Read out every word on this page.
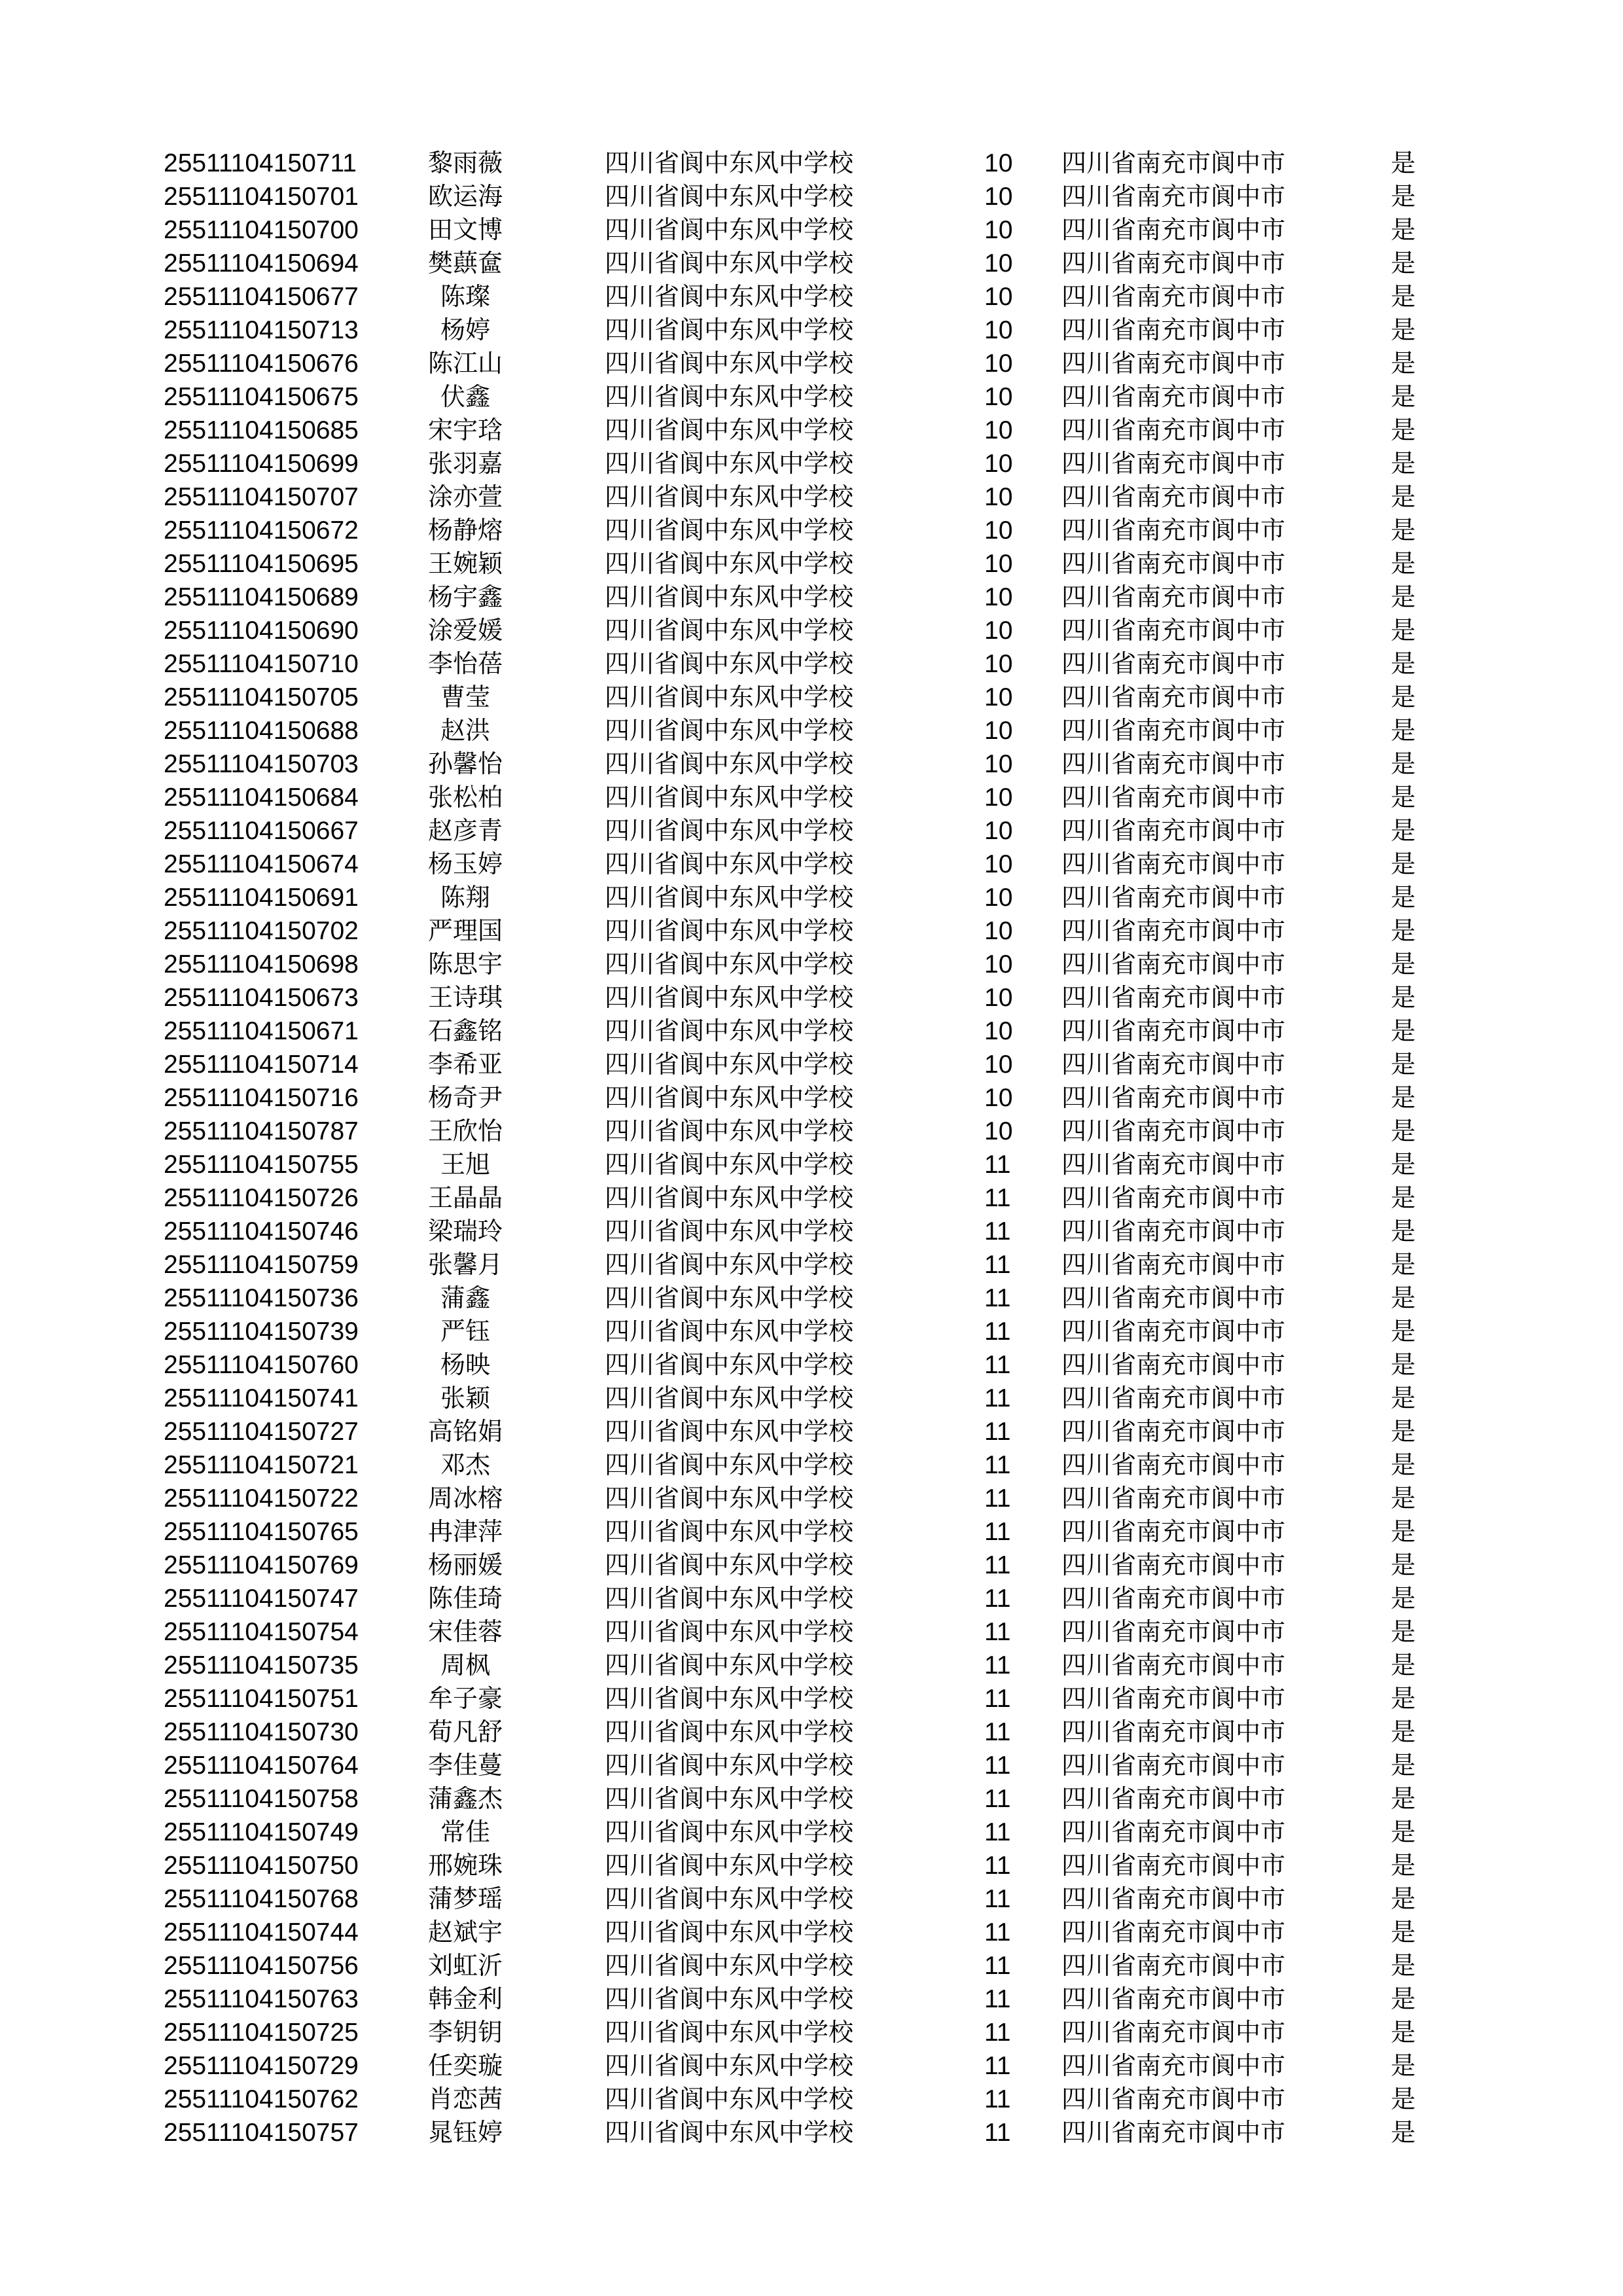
25511104150711	黎雨薇	四川省阆中东风中学校	10 四川省南充市阆中市	是
25511104150701	欧运海	四川省阆中东风中学校	10 四川省南充市阆中市	是
25511104150700	田文博	四川省阆中东风中学校	10 四川省南充市阆中市	是
25511104150694	樊蕻奩	四川省阆中东风中学校	10 四川省南充市阆中市	是
25511104150677	陈璨	四川省阆中东风中学校	10 四川省南充市阆中市	是
25511104150713	杨婷	四川省阆中东风中学校	10 四川省南充市阆中市	是
25511104150676	陈江山	四川省阆中东风中学校	10 四川省南充市阆中市	是
25511104150675	伏鑫	四川省阆中东风中学校	10 四川省南充市阆中市	是
25511104150685	宋宇琀	四川省阆中东风中学校	10 四川省南充市阆中市	是
25511104150699	张羽嘉	四川省阆中东风中学校	10 四川省南充市阆中市	是
25511104150707	涂亦萱	四川省阆中东风中学校	10 四川省南充市阆中市	是
25511104150672	杨静熔	四川省阆中东风中学校	10 四川省南充市阆中市	是
25511104150695	王婉颖	四川省阆中东风中学校	10 四川省南充市阆中市	是
25511104150689	杨宇鑫	四川省阆中东风中学校	10 四川省南充市阆中市	是
25511104150690	涂爱媛	四川省阆中东风中学校	10 四川省南充市阆中市	是
25511104150710	李怡蓓	四川省阆中东风中学校	10 四川省南充市阆中市	是
25511104150705	曹莹	四川省阆中东风中学校	10 四川省南充市阆中市	是
25511104150688	赵洪	四川省阆中东风中学校	10 四川省南充市阆中市	是
25511104150703	孙馨怡	四川省阆中东风中学校	10 四川省南充市阆中市	是
25511104150684	张松柏	四川省阆中东风中学校	10 四川省南充市阆中市	是
25511104150667	赵彦青	四川省阆中东风中学校	10 四川省南充市阆中市	是
25511104150674	杨玉婷	四川省阆中东风中学校	10 四川省南充市阆中市	是
25511104150691	陈翔	四川省阆中东风中学校	10 四川省南充市阆中市	是
25511104150702	严理国	四川省阆中东风中学校	10 四川省南充市阆中市	是
25511104150698	陈思宇	四川省阆中东风中学校	10 四川省南充市阆中市	是
25511104150673	王诗琪	四川省阆中东风中学校	10 四川省南充市阆中市	是
25511104150671	石鑫铭	四川省阆中东风中学校	10 四川省南充市阆中市	是
25511104150714	李希亚	四川省阆中东风中学校	10 四川省南充市阆中市	是
25511104150716	杨奇尹	四川省阆中东风中学校	10 四川省南充市阆中市	是
25511104150787	王欣怡	四川省阆中东风中学校	10 四川省南充市阆中市	是
25511104150755	王旭	四川省阆中东风中学校	11 四川省南充市阆中市	是
25511104150726	王晶晶	四川省阆中东风中学校	11 四川省南充市阆中市	是
25511104150746	梁瑞玲	四川省阆中东风中学校	11 四川省南充市阆中市	是
25511104150759	张馨月	四川省阆中东风中学校	11 四川省南充市阆中市	是
25511104150736	蒲鑫	四川省阆中东风中学校	11 四川省南充市阆中市	是
25511104150739	严钰	四川省阆中东风中学校	11 四川省南充市阆中市	是
25511104150760	杨映	四川省阆中东风中学校	11 四川省南充市阆中市	是
25511104150741	张颖	四川省阆中东风中学校	11 四川省南充市阆中市	是
25511104150727	高铭娟	四川省阆中东风中学校	11 四川省南充市阆中市	是
25511104150721	邓杰	四川省阆中东风中学校	11 四川省南充市阆中市	是
25511104150722	周冰榕	四川省阆中东风中学校	11 四川省南充市阆中市	是
25511104150765	冉津萍	四川省阆中东风中学校	11 四川省南充市阆中市	是
25511104150769	杨丽媛	四川省阆中东风中学校	11 四川省南充市阆中市	是
25511104150747	陈佳琦	四川省阆中东风中学校	11 四川省南充市阆中市	是
25511104150754	宋佳蓉	四川省阆中东风中学校	11 四川省南充市阆中市	是
25511104150735	周枫	四川省阆中东风中学校	11 四川省南充市阆中市	是
25511104150751	牟子豪	四川省阆中东风中学校	11 四川省南充市阆中市	是
25511104150730	荀凡舒	四川省阆中东风中学校	11 四川省南充市阆中市	是
25511104150764	李佳蔓	四川省阆中东风中学校	11 四川省南充市阆中市	是
25511104150758	蒲鑫杰	四川省阆中东风中学校	11 四川省南充市阆中市	是
25511104150749	常佳	四川省阆中东风中学校	11 四川省南充市阆中市	是
25511104150750	邢婉珠	四川省阆中东风中学校	11 四川省南充市阆中市	是
25511104150768	蒲梦瑶	四川省阆中东风中学校	11 四川省南充市阆中市	是
25511104150744	赵斌宇	四川省阆中东风中学校	11 四川省南充市阆中市	是
25511104150756	刘虹沂	四川省阆中东风中学校	11 四川省南充市阆中市	是
25511104150763	韩金利	四川省阆中东风中学校	11 四川省南充市阆中市	是
25511104150725	李钥钥	四川省阆中东风中学校	11 四川省南充市阆中市	是
25511104150729	任奕璇	四川省阆中东风中学校	11 四川省南充市阆中市	是
25511104150762	肖恋茜	四川省阆中东风中学校	11 四川省南充市阆中市	是
25511104150757	晁钰婷	四川省阆中东风中学校	11 四川省南充市阆中市	是
